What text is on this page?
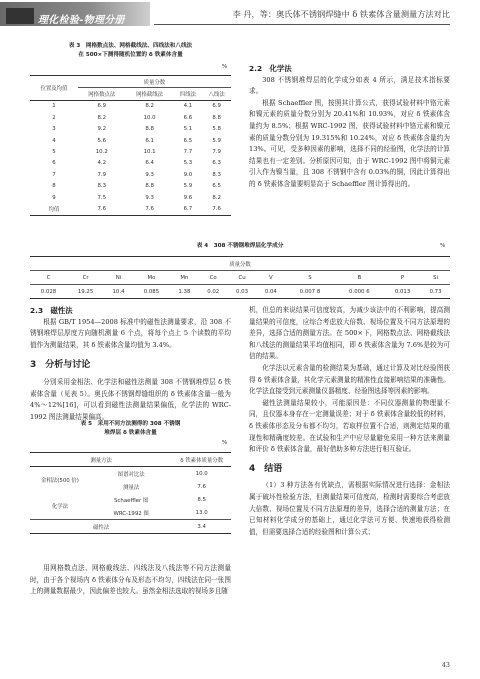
理化检验-物理分册
李 丹，等：奥氏体不锈钢焊缝中 δ 铁素体含量测量方法对比
表 3　网格数点法、网格截线法、四线法和八线法
在 500×下测得随机位置的 δ 铁素体含量
%
位置及均值	质量分数			
	网格数点法	网格截线法	四线法	八线法
1	6.9	8.2	4.1	6.9
2	8.2	10.0	6.6	8.8
3	9.2	8.8	5.1	5.8
4	5.6	6.1	6.5	5.9
5	10.2	10.1	7.7	7.9
6	4.2	6.4	5.3	6.3
7	7.9	9.3	9.0	8.3
8	8.3	8.8	5.9	6.5
9	7.5	9.3	9.6	8.2
均值	7.6	7.6	6.7	7.6
表 4　308 不锈钢堆焊层化学成分	%
质量分数											
C	Cr	Ni	Mo	Mn	Co	Cu	V	S	B	P	Si
0.028	19.25	10.4	0.085	1.38	0.02	0.03	0.04	0.007 8	0.000 6	0.013	0.73
2.3　磁性法

根据 GB/T 1954—2008 标准中的磁性法测量要求，沿 308 不锈钢堆焊层厚度方向随机测量 6 个点，将每个点上 5 个读数的平均值作为测量结果，其 δ 铁素体含量均值为 3.4%。

3　分析与讨论

分别采用金相法、化学法和磁性法测量 308 不锈钢堆焊层 δ 铁素体含量（见表 5）。奥氏体不锈钢焊缝组织的 δ 铁素体含量一般为 4%～12%[16]，可以看到磁性法测量结果偏低，化学法的 WRC-1992 图法测量结果偏高。

表 5　采用不同方法测得的 308 不锈钢
堆焊层 δ 铁素体含量
%
测量方法		δ 铁素体质量分数
金相法(500 倍)	图谱对比法	10.0
	测量法	7.6
化学法	Schaeffler 图	8.5
	WRC-1992 图	13.0
磁性法		3.4

用网格数点法、网格截线法、四线法及八线法等不同方法测量时，由于各个视场内 δ 铁素体分布及形态不均匀，四线法在同一张图上的测量数据最少，因此偏差也较大。虽然金相法选取的视场多且随

2.2　化学法

308 不锈钢堆焊层的化学成分如表 4 所示，满足技术指标要求。

根据 Schaeffler 图，按照其计算公式，获得试验材料中铬元素和镍元素的质量分数分别为 20.41%和 10.93%，对应 δ 铁素体含量约为 8.5%；根据 WRC-1992 图，获得试验材料中铬元素和镍元素的质量分数分别为 19.315%和 10.24%，对应 δ 铁素体含量约为 13%。可见，受多种因素的影响，选择不同的经验图，化学法的计算结果也有一定差别。分析原因可知，由于 WRC-1992 图中将铜元素引入作为镍当量，且 308 不锈钢中含有 0.03%的铜，因此计算得出的 δ 铁素体含量要明显高于 Schaeffler 图计算得出的。

机，但总的来说结果可信度较高，为减少该法中的不利影响，提高测量结果的可信度，应综合考虑放大倍数、视场位置及不同方法原理的差异，选择合适的测量方法。在 500×下，网格数点法、网格截线法和八线法的测量结果平均值相同，即 δ 铁素体含量为 7.6%是较为可信的结果。

化学法以元素含量的检测结果为基础，通过计算及对比经验图获得 δ 铁素体含量，其化学元素测量的精准性直接影响结果的准确性。化学法直接受到元素测量仪器精度、经验图选择等因素的影响。

磁性法测量结果较小，可能原因是：不同仪器测量的物理量不同，且仪器本身存在一定测量误差；对于 δ 铁素体含量较低的材料，δ 铁素体形态及分布都不均匀，若取样位置不合适，则测定结果的重现性和精确度较差。在试验和生产中应尽量避免采用一种方法来测量和评价 δ 铁素体含量，最好借助多种方法进行相互验证。

4　结语

（1）3 种方法各有优缺点，需根据实际情况进行选择：金相法属于破坏性检验方法，但测量结果可信度高，检测时需要综合考虑放大倍数、视场位置及不同方法原理的差异，选择合适的测量方法；在已知材料化学成分的基础上，通过化学法可方便、快速地获得检测值，但需要选择合适的经验图和计算公式；

43
